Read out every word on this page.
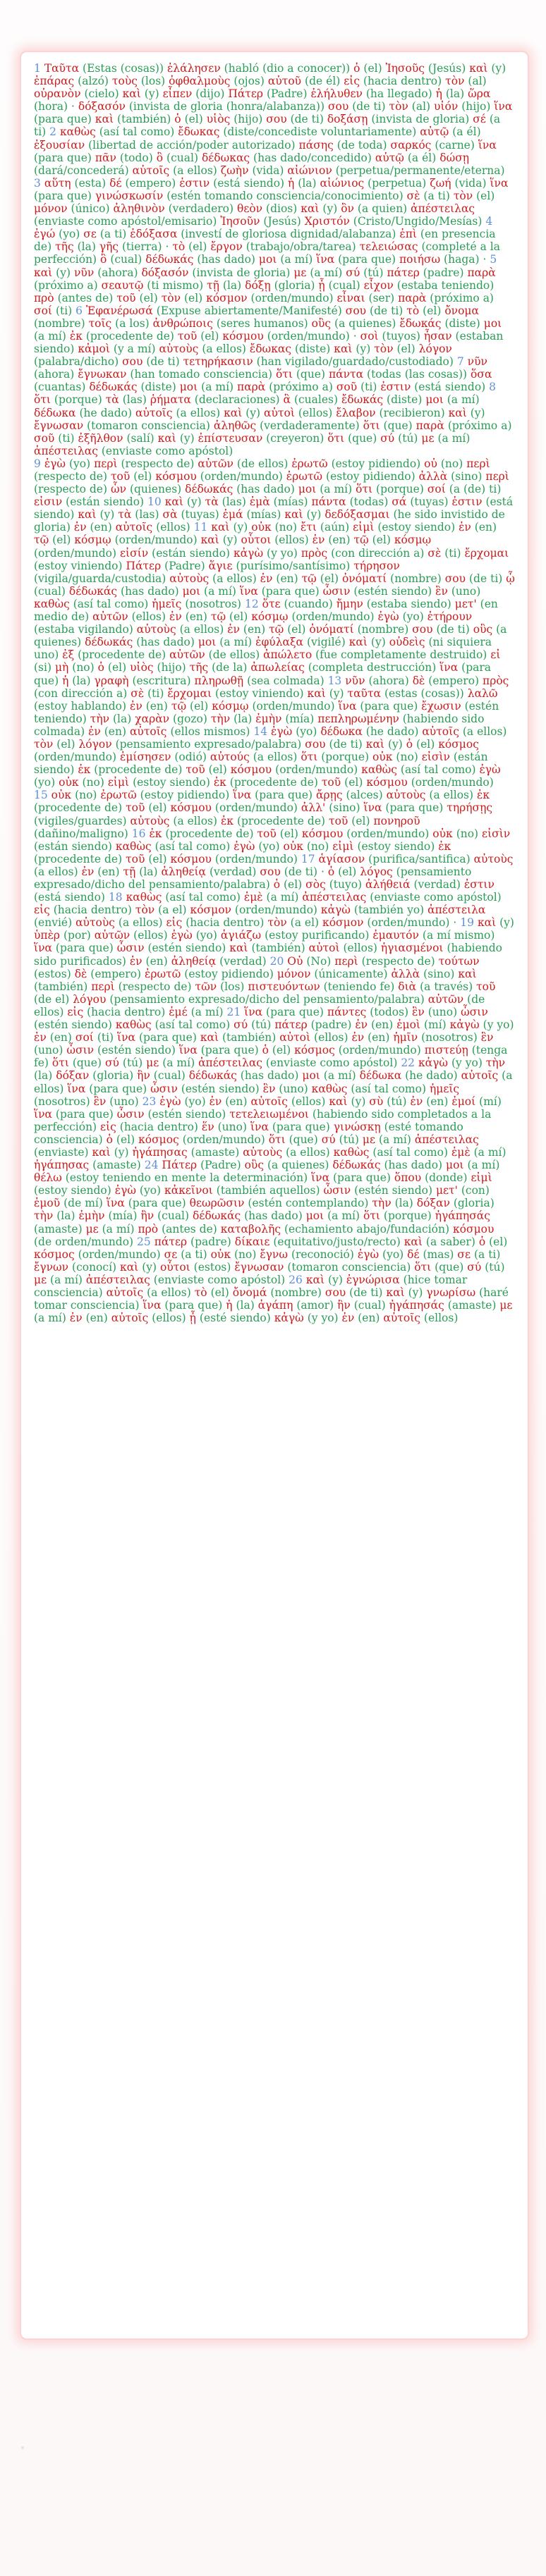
1 Ταῦτα (Estas (cosas)) ἐλάλησεν (habló (dio a conocer)) ὁ (el) Ἰησοῦς (Jesús) καὶ (y) ἐπάρας (alzó) τοὺς (los) ὀφθαλμοὺς (ojos) αὐτοῦ (de él) εἰς (hacia dentro) τὸν (al) οὐρανὸν (cielo) καὶ (y) εἶπεν (dijo) Πάτερ (Padre) ἐλήλυθεν (ha llegado) ἡ (la) ὥρα (hora) · δόξασόν (invista de gloria (honra/alabanza)) σου (de ti) τὸν (al) υἱόν (hijo) ἵνα (para que) καὶ (también) ὁ (el) υἱὸς (hijo) σου (de ti) δοξάσῃ (invista de gloria) σέ (a ti) 2 καθὼς (así tal como) ἔδωκας (diste/concediste voluntariamente) αὐτῷ (a él) ἐξουσίαν (libertad de acción/poder autorizado) πάσης (de toda) σαρκός (carne) ἵνα (para que) πᾶν (todo) ὃ (cual) δέδωκας (has dado/concedido) αὐτῷ (a él) δώσῃ (dará/concederá) αὐτοῖς (a ellos) ζωὴν (vida) αἰώνιον (perpetua/permanente/eterna) 3 αὕτη (esta) δέ (empero) ἐστιν (está siendo) ἡ (la) αἰώνιος (perpetua) ζωή (vida) ἵνα (para que) γινώσκωσίν (estén tomando consciencia/conocimiento) σὲ (a ti) τὸν (el) μόνον (único) ἀληθινὸν (verdadero) θεὸν (dios) καὶ (y) ὃν (a quien) ἀπέστειλας (enviaste como apóstol/emisario) Ἰησοῦν (Jesús) Χριστόν (Cristo/Ungido/Mesías) 4 ἐγώ (yo) σε (a ti) ἐδόξασα (investí de gloriosa dignidad/alabanza) ἐπὶ (en presencia de) τῆς (la) γῆς (tierra) · τὸ (el) ἔργον (trabajo/obra/tarea) τελειώσας (completé a la perfección) ὃ (cual) δέδωκάς (has dado) μοι (a mí) ἵνα (para que) ποιήσω (haga) · 5 καὶ (y) νῦν (ahora) δόξασόν (invista de gloria) με (a mí) σύ (tú) πάτερ (padre) παρὰ (próximo a) σεαυτῷ (ti mismo) τῇ (la) δόξῃ (gloria) ᾗ (cual) εἶχον (estaba teniendo) πρὸ (antes de) τοῦ (el) τὸν (el) κόσμον (orden/mundo) εἶναι (ser) παρὰ (próximo a) σοί (ti) 6 Ἐφανέρωσά (Expuse abiertamente/Manifesté) σου (de ti) τὸ (el) ὄνομα (nombre) τοῖς (a los) ἀνθρώποις (seres humanos) οὓς (a quienes) ἔδωκάς (diste) μοι (a mí) ἐκ (procedente de) τοῦ (el) κόσμου (orden/mundo) · σοὶ (tuyos) ἦσαν (estaban siendo) κἀμοὶ (y a mí) αὐτοὺς (a ellos) ἔδωκας (diste) καὶ (y) τὸν (el) λόγον (palabra/dicho) σου (de ti) τετηρήκασιν (han vigilado/guardado/custodiado) 7 νῦν (ahora) ἔγνωκαν (han tomado consciencia) ὅτι (que) πάντα (todas (las cosas)) ὅσα (cuantas) δέδωκάς (diste) μοι (a mí) παρὰ (próximo a) σοῦ (ti) ἐστιν (está siendo) 8 ὅτι (porque) τὰ (las) ῥήματα (declaraciones) ἃ (cuales) ἔδωκάς (diste) μοι (a mí) δέδωκα (he dado) αὐτοῖς (a ellos) καὶ (y) αὐτοὶ (ellos) ἔλαβον (recibieron) καὶ (y) ἔγνωσαν (tomaron consciencia) ἀληθῶς (verdaderamente) ὅτι (que) παρὰ (próximo a) σοῦ (ti) ἐξῆλθον (salí) καὶ (y) ἐπίστευσαν (creyeron) ὅτι (que) σύ (tú) με (a mí) ἀπέστειλας (enviaste como apóstol)

9 ἐγὼ (yo) περὶ (respecto de) αὐτῶν (de ellos) ἐρωτῶ (estoy pidiendo) οὐ (no) περὶ (respecto de) τοῦ (el) κόσμου (orden/mundo) ἐρωτῶ (estoy pidiendo) ἀλλὰ (sino) περὶ (respecto de) ὧν (quienes) δέδωκάς (has dado) μοι (a mí) ὅτι (porque) σοί (a (de) ti) εἰσιν (están siendo) 10 καὶ (y) τὰ (las) ἐμὰ (mías) πάντα (todas) σά (tuyas) ἐστιν (está siendo) καὶ (y) τὰ (las) σὰ (tuyas) ἐμά (mías) καὶ (y) δεδόξασμαι (he sido invistido de gloria) ἐν (en) αὐτοῖς (ellos) 11 καὶ (y) οὐκ (no) ἔτι (aún) εἰμὶ (estoy siendo) ἐν (en) τῷ (el) κόσμῳ (orden/mundo) καὶ (y) οὗτοι (ellos) ἐν (en) τῷ (el) κόσμῳ (orden/mundo) εἰσίν (están siendo) κἀγὼ (y yo) πρὸς (con dirección a) σὲ (ti) ἔρχομαι (estoy viniendo) Πάτερ (Padre) ἅγιε (purísimo/santísimo) τήρησον (vigila/guarda/custodia) αὐτοὺς (a ellos) ἐν (en) τῷ (el) ὀνόματί (nombre) σου (de ti) ᾧ (cual) δέδωκάς (has dado) μοι (a mí) ἵνα (para que) ὦσιν (estén siendo) ἓν (uno) καθὼς (así tal como) ἡμεῖς (nosotros) 12 ὅτε (cuando) ἤμην (estaba siendo) μετ' (en medio de) αὐτῶν (ellos) ἐν (en) τῷ (el) κόσμῳ (orden/mundo) ἐγὼ (yo) ἐτήρουν (estaba vigilando) αὐτοὺς (a ellos) ἐν (en) τῷ (el) ὀνόματί (nombre) σου (de ti) οὓς (a quienes) δέδωκάς (has dado) μοι (a mí) ἐφύλαξα (vigilé) καὶ (y) οὐδεὶς (ni siquiera uno) ἐξ (procedente de) αὐτῶν (de ellos) ἀπώλετο (fue completamente destruido) εἰ (si) μὴ (no) ὁ (el) υἱὸς (hijo) τῆς (de la) ἀπωλείας (completa destrucción) ἵνα (para que) ἡ (la) γραφὴ (escritura) πληρωθῇ (sea colmada) 13 νῦν (ahora) δὲ (empero) πρὸς (con dirección a) σὲ (ti) ἔρχομαι (estoy viniendo) καὶ (y) ταῦτα (estas (cosas)) λαλῶ (estoy hablando) ἐν (en) τῷ (el) κόσμῳ (orden/mundo) ἵνα (para que) ἔχωσιν (estén teniendo) τὴν (la) χαρὰν (gozo) τὴν (la) ἐμὴν (mía) πεπληρωμένην (habiendo sido colmada) ἐν (en) αὐτοῖς (ellos mismos) 14 ἐγὼ (yo) δέδωκα (he dado) αὐτοῖς (a ellos) τὸν (el) λόγον (pensamiento expresado/palabra) σου (de ti) καὶ (y) ὁ (el) κόσμος (orden/mundo) ἐμίσησεν (odió) αὐτούς (a ellos) ὅτι (porque) οὐκ (no) εἰσὶν (están siendo) ἐκ (procedente de) τοῦ (el) κόσμου (orden/mundo) καθὼς (así tal como) ἐγὼ (yo) οὐκ (no) εἰμὶ (estoy siendo) ἐκ (procedente de) τοῦ (el) κόσμου (orden/mundo)

15 οὐκ (no) ἐρωτῶ (estoy pidiendo) ἵνα (para que) ἄρῃς (alces) αὐτοὺς (a ellos) ἐκ (procedente de) τοῦ (el) κόσμου (orden/mundo) ἀλλ' (sino) ἵνα (para que) τηρήσῃς (vigiles/guardes) αὐτοὺς (a ellos) ἐκ (procedente de) τοῦ (el) πονηροῦ (dañino/maligno) 16 ἐκ (procedente de) τοῦ (el) κόσμου (orden/mundo) οὐκ (no) εἰσὶν (están siendo) καθὼς (así tal como) ἐγὼ (yo) οὐκ (no) εἰμὶ (estoy siendo) ἐκ (procedente de) τοῦ (el) κόσμου (orden/mundo) 17 ἁγίασον (purifica/santifica) αὐτοὺς (a ellos) ἐν (en) τῇ (la) ἀληθείᾳ (verdad) σου (de ti) · ὁ (el) λόγος (pensamiento expresado/dicho del pensamiento/palabra) ὁ (el) σὸς (tuyo) ἀλήθειά (verdad) ἐστιν (está siendo) 18 καθὼς (así tal como) ἐμὲ (a mí) ἀπέστειλας (enviaste como apóstol) εἰς (hacia dentro) τὸν (a el) κόσμον (orden/mundo) κἀγὼ (también yo) ἀπέστειλα (envié) αὐτοὺς (a ellos) εἰς (hacia dentro) τὸν (a el) κόσμον (orden/mundo) · 19 καὶ (y) ὑπὲρ (por) αὐτῶν (ellos) ἐγὼ (yo) ἁγιάζω (estoy purificando) ἐμαυτόν (a mí mismo) ἵνα (para que) ὦσιν (estén siendo) καὶ (también) αὐτοὶ (ellos) ἡγιασμένοι (habiendo sido purificados) ἐν (en) ἀληθείᾳ (verdad) 20 Οὐ (No) περὶ (respecto de) τούτων (estos) δὲ (empero) ἐρωτῶ (estoy pidiendo) μόνον (únicamente) ἀλλὰ (sino) καὶ (también) περὶ (respecto de) τῶν (los) πιστευόντων (teniendo fe) διὰ (a través) τοῦ (de el) λόγου (pensamiento expresado/dicho del pensamiento/palabra) αὐτῶν (de ellos) εἰς (hacia dentro) ἐμέ (a mí) 21 ἵνα (para que) πάντες (todos) ἓν (uno) ὦσιν (estén siendo) καθὼς (así tal como) σύ (tú) πάτερ (padre) ἐν (en) ἐμοὶ (mí) κἀγὼ (y yo) ἐν (en) σοί (ti) ἵνα (para que) καὶ (también) αὐτοὶ (ellos) ἐν (en) ἡμῖν (nosotros) ἓν (uno) ὦσιν (estén siendo) ἵνα (para que) ὁ (el) κόσμος (orden/mundo) πιστεύῃ (tenga fe) ὅτι (que) σύ (tú) με (a mí) ἀπέστειλας (enviaste como apóstol) 22 κἀγὼ (y yo) τὴν (la) δόξαν (gloria) ἣν (cual) δέδωκάς (has dado) μοι (a mí) δέδωκα (he dado) αὐτοῖς (a ellos) ἵνα (para que) ὦσιν (estén siendo) ἓν (uno) καθὼς (así tal como) ἡμεῖς (nosotros) ἓν (uno) 23 ἐγὼ (yo) ἐν (en) αὐτοῖς (ellos) καὶ (y) σὺ (tú) ἐν (en) ἐμοί (mí) ἵνα (para que) ὦσιν (estén siendo) τετελειωμένοι (habiendo sido completados a la perfección) εἰς (hacia dentro) ἕν (uno) ἵνα (para que) γινώσκῃ (esté tomando consciencia) ὁ (el) κόσμος (orden/mundo) ὅτι (que) σύ (tú) με (a mí) ἀπέστειλας (enviaste) καὶ (y) ἠγάπησας (amaste) αὐτοὺς (a ellos) καθὼς (así tal como) ἐμὲ (a mí) ἠγάπησας (amaste) 24 Πάτερ (Padre) οὓς (a quienes) δέδωκάς (has dado) μοι (a mí) θέλω (estoy teniendo en mente la determinación) ἵνα (para que) ὅπου (donde) εἰμὶ (estoy siendo) ἐγὼ (yo) κἀκεῖνοι (también aquellos) ὦσιν (estén siendo) μετ' (con) ἐμοῦ (de mí) ἵνα (para que) θεωρῶσιν (estén contemplando) τὴν (la) δόξαν (gloria) τὴν (la) ἐμὴν (mía) ἣν (cual) δέδωκάς (has dado) μοι (a mí) ὅτι (porque) ἠγάπησάς (amaste) με (a mí) πρὸ (antes de) καταβολῆς (echamiento abajo/fundación) κόσμου (de orden/mundo) 25 πάτερ (padre) δίκαιε (equitativo/justo/recto) καὶ (a saber) ὁ (el) κόσμος (orden/mundo) σε (a ti) οὐκ (no) ἔγνω (reconoció) ἐγὼ (yo) δέ (mas) σε (a ti) ἔγνων (conocí) καὶ (y) οὗτοι (estos) ἔγνωσαν (tomaron consciencia) ὅτι (que) σύ (tú) με (a mí) ἀπέστειλας (enviaste como apóstol) 26 καὶ (y) ἐγνώρισα (hice tomar consciencia) αὐτοῖς (a ellos) τὸ (el) ὄνομά (nombre) σου (de ti) καὶ (y) γνωρίσω (haré tomar consciencia) ἵνα (para que) ἡ (la) ἀγάπη (amor) ἣν (cual) ἠγάπησάς (amaste) με (a mí) ἐν (en) αὐτοῖς (ellos) ᾖ (esté siendo) κἀγὼ (y yo) ἐν (en) αὐτοῖς (ellos)
